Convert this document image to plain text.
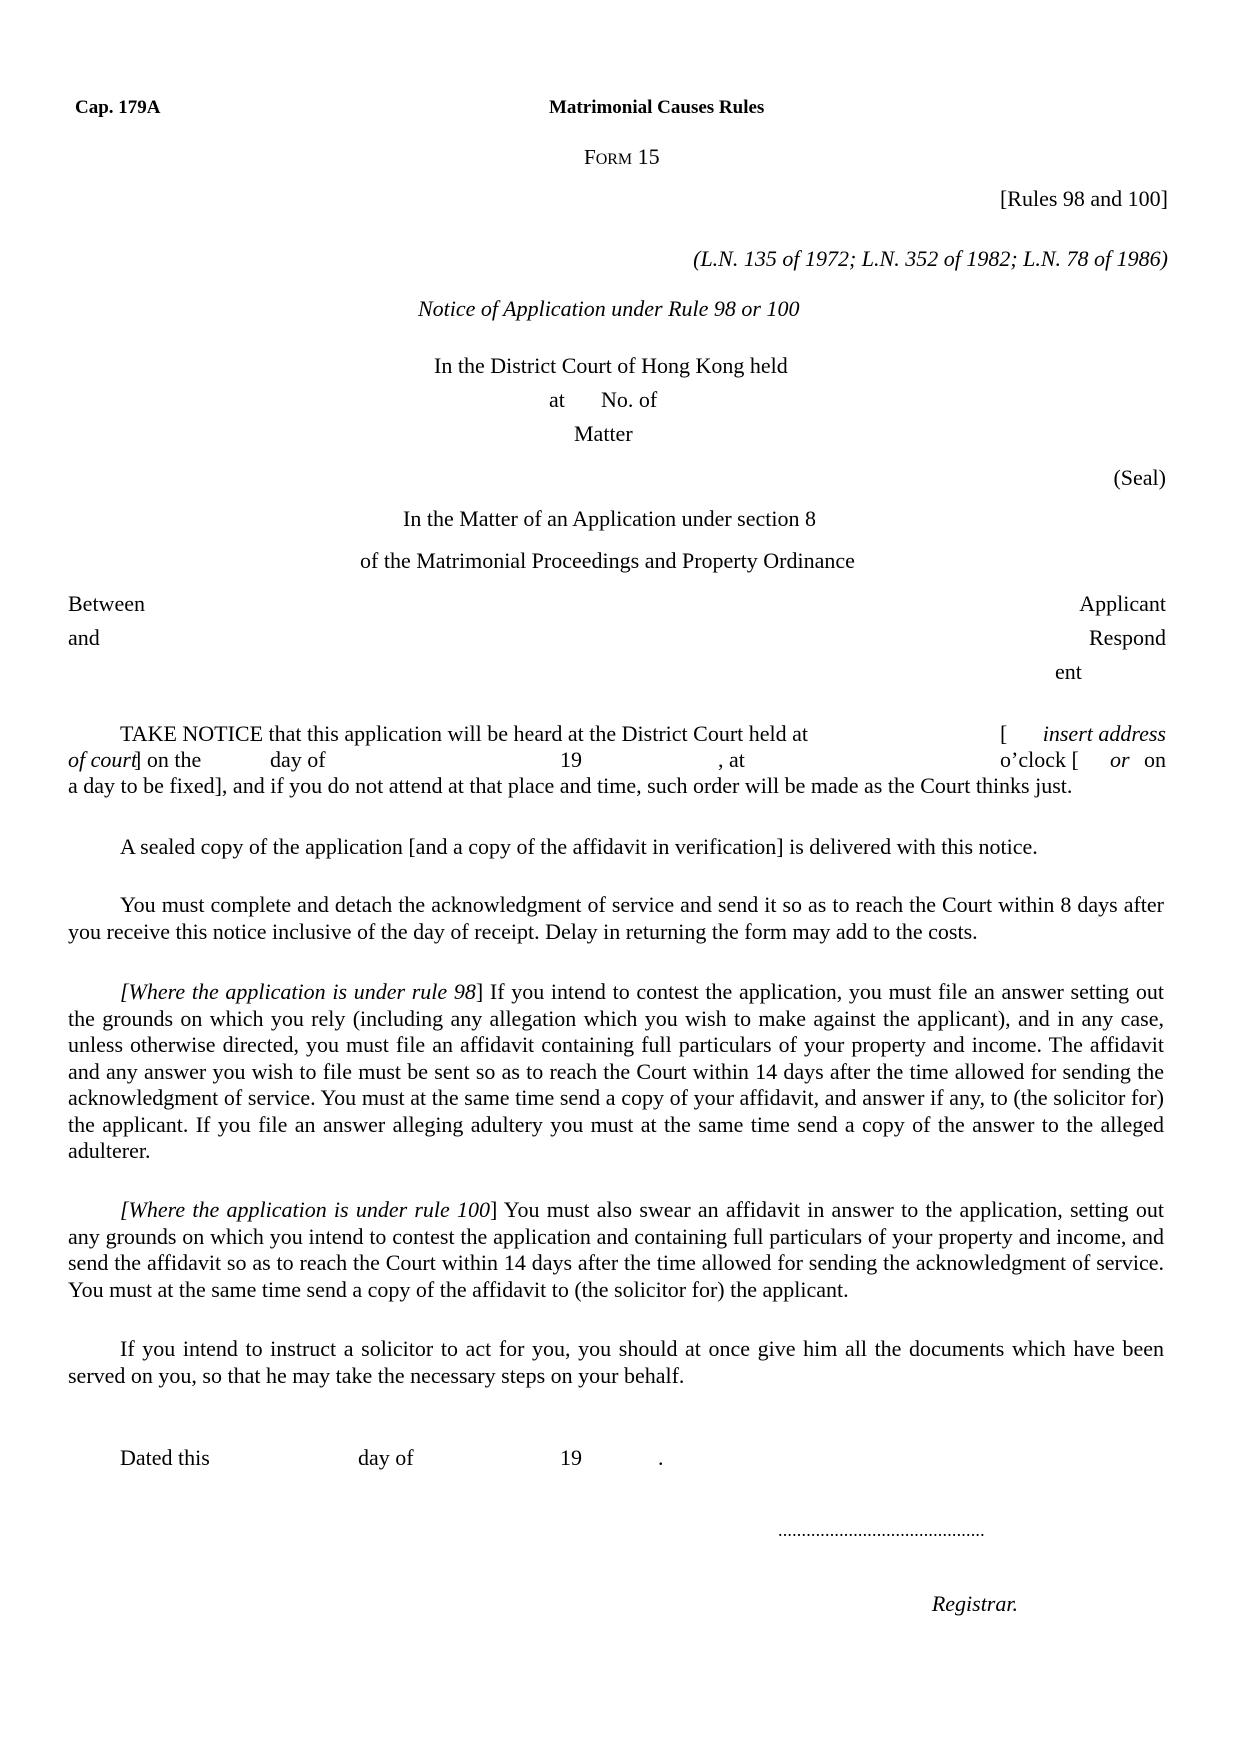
Cap. 179A	Matrimonial Causes Rules
FORM 15
[Rules 98 and 100]
(L.N. 135 of 1972; L.N. 352 of 1982; L.N. 78 of 1986)
Notice of Application under Rule 98 or 100
In the District Court of Hong Kong held
at No. of
Matter
(Seal)
In the Matter of an Application under section 8
of the Matrimonial Proceedings and Property Ordinance
Between	Applicant
and	Respond
ent
TAKE NOTICE that this application will be heard at the District Court held at	[ insert address
of court
] on the	day of	19	, at	o’clock [ or on
a day to be fixed], and if you do not attend at that place and time, such order will be made as the Court thinks just.

A sealed copy of the application [and a copy of the affidavit in verification] is delivered with this notice.

You must complete and detach the acknowledgment of service and send it so as to reach the Court within 8 days after you receive this notice inclusive of the day of receipt. Delay in returning the form may add to the costs.

[Where the application is under rule 98] If you intend to contest the application, you must file an answer setting out the grounds on which you rely (including any allegation which you wish to make against the applicant), and in any case, unless otherwise directed, you must file an affidavit containing full particulars of your property and income. The affidavit and any answer you wish to file must be sent so as to reach the Court within 14 days after the time allowed for sending the acknowledgment of service. You must at the same time send a copy of your affidavit, and answer if any, to (the solicitor for) the applicant. If you file an answer alleging adultery you must at the same time send a copy of the answer to the alleged adulterer.

[Where the application is under rule 100] You must also swear an affidavit in answer to the application, setting out any grounds on which you intend to contest the application and containing full particulars of your property and income, and send the affidavit so as to reach the Court within 14 days after the time allowed for sending the acknowledgment of service. You must at the same time send a copy of the affidavit to (the solicitor for) the applicant.

If you intend to instruct a solicitor to act for you, you should at once give him all the documents which have been served on you, so that he may take the necessary steps on your behalf.

Dated this	day of	19	.
............................................
Registrar.
